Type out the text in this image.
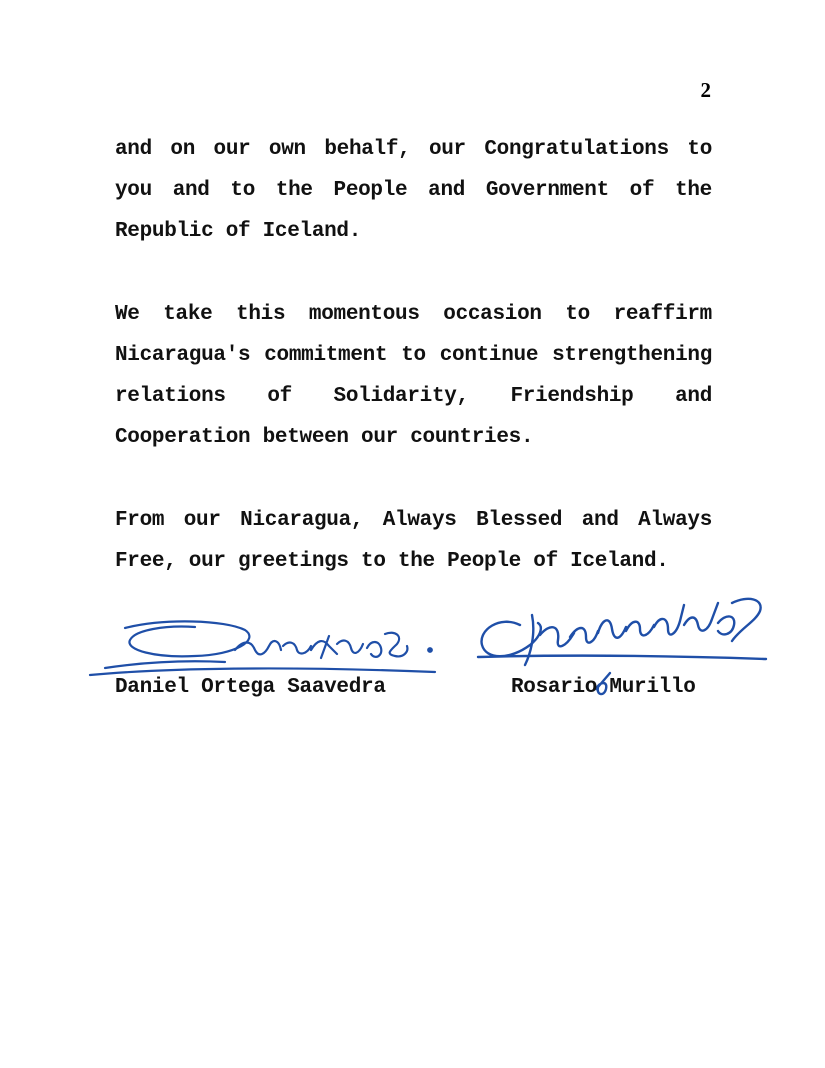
2

and on our own behalf, our Congratulations to you and to the People and Government of the Republic of Iceland.

We take this momentous occasion to reaffirm Nicaragua's commitment to continue strengthening relations of Solidarity, Friendship and Cooperation between our countries.

From our Nicaragua, Always Blessed and Always Free, our greetings to the People of Iceland.

Daniel Ortega Saavedra	Rosario Murillo
